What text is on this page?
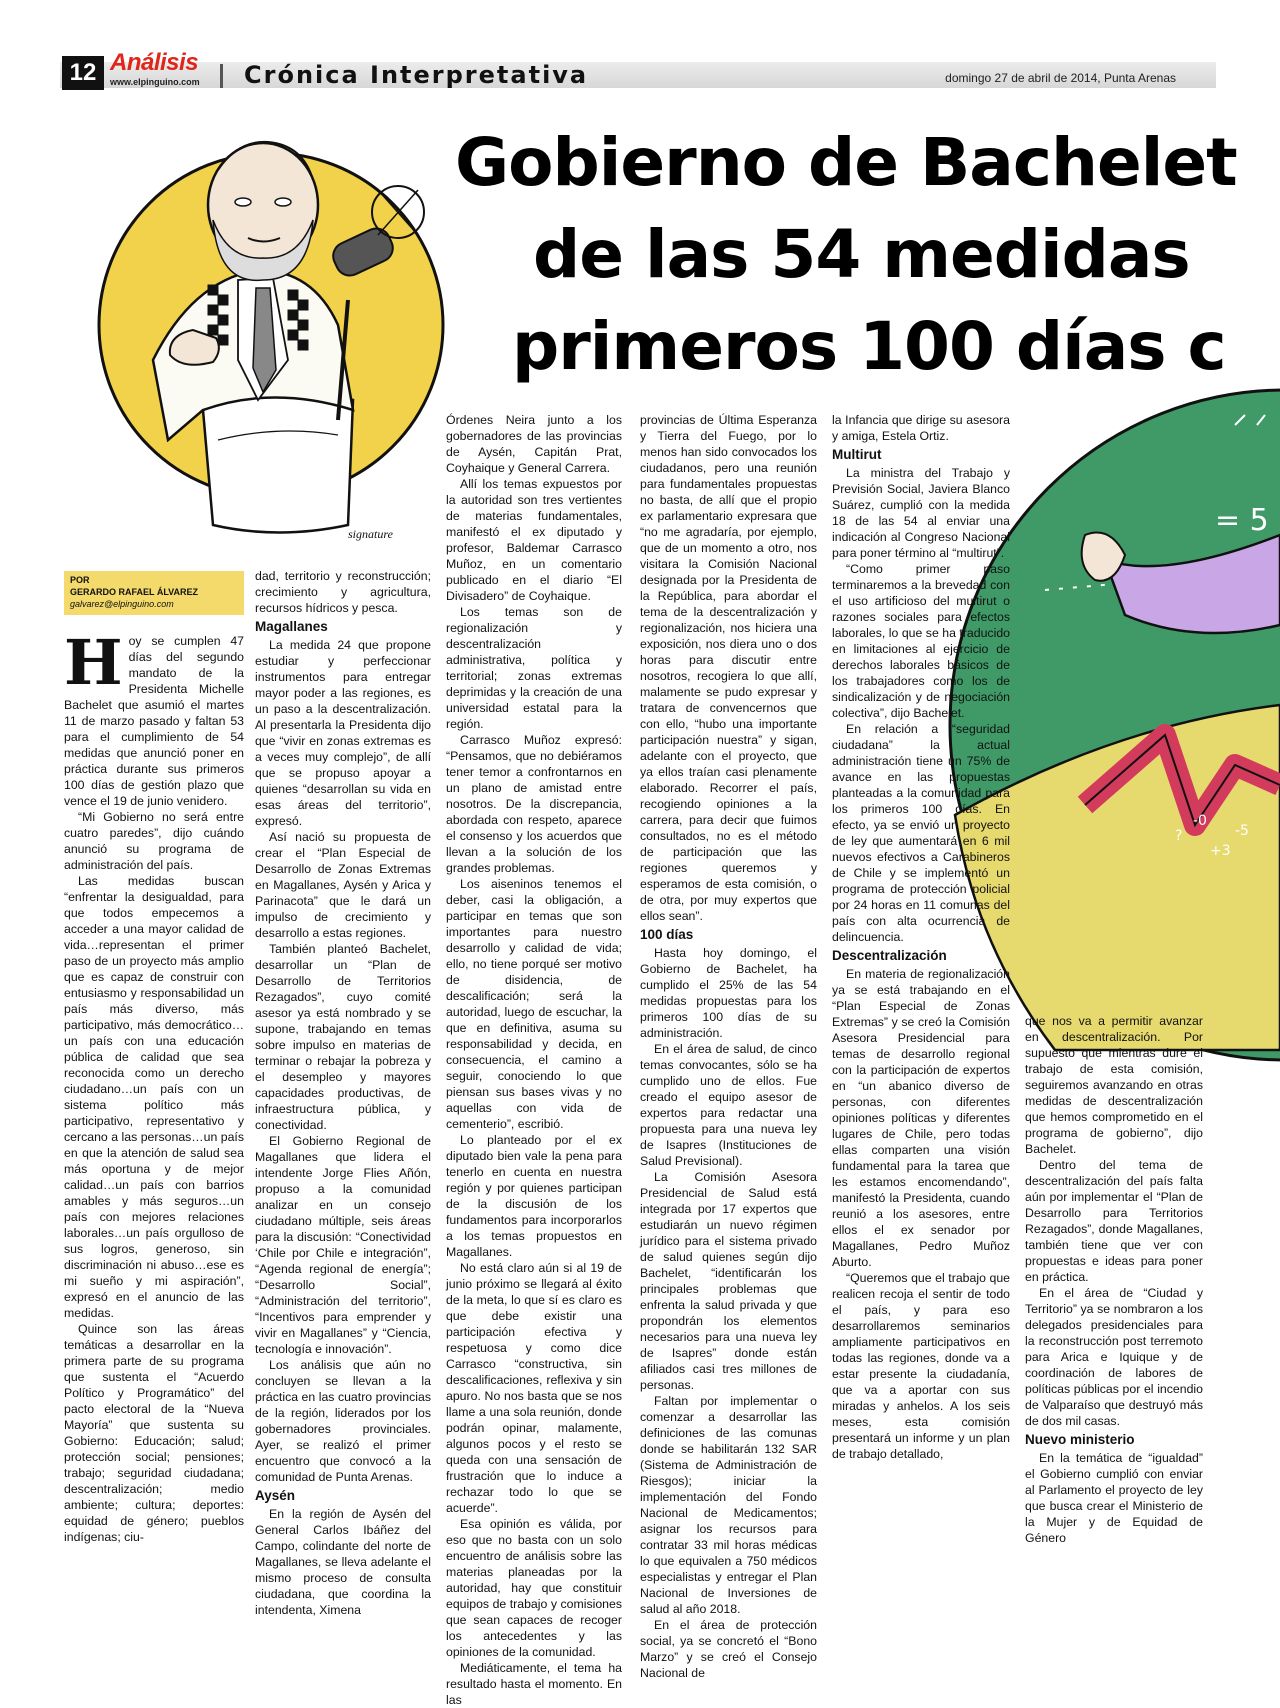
12 Análisis
www.elpinguino.com Crónica Interpretativa	domingo 27 de abril de 2014, Punta Arenas
Gobierno de Bachelet
de las 54 medidas
primeros 100 días c
signature
POR
GERARDO RAFAEL ÁLVAREZ
galvarez@elpinguino.com
= 5
?
-0
+3
-5

Hoy se cumplen 47 días del segundo mandato de la Presidenta Michelle Bachelet que asumió el martes 11 de marzo pasado y faltan 53 para el cumplimiento de 54 medidas que anunció poner en práctica durante sus primeros 100 días de gestión plazo que vence el 19 de junio venidero.

“Mi Gobierno no será entre cuatro paredes”, dijo cuándo anunció su programa de administración del país.

Las medidas buscan “enfrentar la desigualdad, para que todos empecemos a acceder a una mayor calidad de vida…representan el primer paso de un proyecto más amplio que es capaz de construir con entusiasmo y responsabilidad un país más diverso, más participativo, más democrático…un país con una educación pública de calidad que sea reconocida como un derecho ciudadano…un país con un sistema político más participativo, representativo y cercano a las personas…un país en que la atención de salud sea más oportuna y de mejor calidad…un país con barrios amables y más seguros…un país con mejores relaciones laborales…un país orgulloso de sus logros, generoso, sin discriminación ni abuso…ese es mi sueño y mi aspiración”, expresó en el anuncio de las medidas.

Quince son las áreas temáticas a desarrollar en la primera parte de su programa que sustenta el “Acuerdo Político y Programático” del pacto electoral de la “Nueva Mayoría” que sustenta su Gobierno: Educación; salud; protección social; pensiones; trabajo; seguridad ciudadana; descentralización; medio ambiente; cultura; deportes: equidad de género; pueblos indígenas; ciu-

dad, territorio y reconstrucción; crecimiento y agricultura, recursos hídricos y pesca.

Magallanes

La medida 24 que propone estudiar y perfeccionar instrumentos para entregar mayor poder a las regiones, es un paso a la descentralización. Al presentarla la Presidenta dijo que “vivir en zonas extremas es a veces muy complejo”, de allí que se propuso apoyar a quienes “desarrollan su vida en esas áreas del territorio”, expresó.

Así nació su propuesta de crear el “Plan Especial de Desarrollo de Zonas Extremas en Magallanes, Aysén y Arica y Parinacota” que le dará un impulso de crecimiento y desarrollo a estas regiones.

También planteó Bachelet, desarrollar un “Plan de Desarrollo de Territorios Rezagados”, cuyo comité asesor ya está nombrado y se supone, trabajando en temas sobre impulso en materias de terminar o rebajar la pobreza y el desempleo y mayores capacidades productivas, de infraestructura pública, y conectividad.

El Gobierno Regional de Magallanes que lidera el intendente Jorge Flies Añón, propuso a la comunidad analizar en un consejo ciudadano múltiple, seis áreas para la discusión: “Conectividad ‘Chile por Chile e integración”, “Agenda regional de energía”; “Desarrollo Social”, “Administración del territorio”, “Incentivos para emprender y vivir en Magallanes” y “Ciencia, tecnología e innovación”.

Los análisis que aún no concluyen se llevan a la práctica en las cuatro provincias de la región, liderados por los gobernadores provinciales. Ayer, se realizó el primer encuentro que convocó a la comunidad de Punta Arenas.

Aysén

En la región de Aysén del General Carlos Ibáñez del Campo, colindante del norte de Magallanes, se lleva adelante el mismo proceso de consulta ciudadana, que coordina la intendenta, Ximena

Órdenes Neira junto a los gobernadores de las provincias de Aysén, Capitán Prat, Coyhaique y General Carrera.

Allí los temas expuestos por la autoridad son tres vertientes de materias fundamentales, manifestó el ex diputado y profesor, Baldemar Carrasco Muñoz, en un comentario publicado en el diario “El Divisadero” de Coyhaique.

Los temas son de regionalización y descentralización administrativa, política y territorial; zonas extremas deprimidas y la creación de una universidad estatal para la región.

Carrasco Muñoz expresó: “Pensamos, que no debiéramos tener temor a confrontarnos en un plano de amistad entre nosotros. De la discrepancia, abordada con respeto, aparece el consenso y los acuerdos que llevan a la solución de los grandes problemas.

Los aiseninos tenemos el deber, casi la obligación, a participar en temas que son importantes para nuestro desarrollo y calidad de vida; ello, no tiene porqué ser motivo de disidencia, de descalificación; será la autoridad, luego de escuchar, la que en definitiva, asuma su responsabilidad y decida, en consecuencia, el camino a seguir, conociendo lo que piensan sus bases vivas y no aquellas con vida de cementerio”, escribió.

Lo planteado por el ex diputado bien vale la pena para tenerlo en cuenta en nuestra región y por quienes participan de la discusión de los fundamentos para incorporarlos a los temas propuestos en Magallanes.

No está claro aún si al 19 de junio próximo se llegará al éxito de la meta, lo que sí es claro es que debe existir una participación efectiva y respetuosa y como dice Carrasco “constructiva, sin descalificaciones, reflexiva y sin apuro. No nos basta que se nos llame a una sola reunión, donde podrán opinar, malamente, algunos pocos y el resto se queda con una sensación de frustración que lo induce a rechazar todo lo que se acuerde”.

Esa opinión es válida, por eso que no basta con un solo encuentro de análisis sobre las materias planeadas por la autoridad, hay que constituir equipos de trabajo y comisiones que sean capaces de recoger los antecedentes y las opiniones de la comunidad.

Mediáticamente, el tema ha resultado hasta el momento. En las

provincias de Última Esperanza y Tierra del Fuego, por lo menos han sido convocados los ciudadanos, pero una reunión para fundamentales propuestas no basta, de allí que el propio ex parlamentario expresara que “no me agradaría, por ejemplo, que de un momento a otro, nos visitara la Comisión Nacional designada por la Presidenta de la República, para abordar el tema de la descentralización y regionalización, nos hiciera una exposición, nos diera uno o dos horas para discutir entre nosotros, recogiera lo que allí, malamente se pudo expresar y tratara de convencernos que con ello, “hubo una importante participación nuestra” y sigan, adelante con el proyecto, que ya ellos traían casi plenamente elaborado. Recorrer el país, recogiendo opiniones a la carrera, para decir que fuimos consultados, no es el método de participación que las regiones queremos y esperamos de esta comisión, o de otra, por muy expertos que ellos sean”.

100 días

Hasta hoy domingo, el Gobierno de Bachelet, ha cumplido el 25% de las 54 medidas propuestas para los primeros 100 días de su administración.

En el área de salud, de cinco temas convocantes, sólo se ha cumplido uno de ellos. Fue creado el equipo asesor de expertos para redactar una propuesta para una nueva ley de Isapres (Instituciones de Salud Previsional).

La Comisión Asesora Presidencial de Salud está integrada por 17 expertos que estudiarán un nuevo régimen jurídico para el sistema privado de salud quienes según dijo Bachelet, “identificarán los principales problemas que enfrenta la salud privada y que propondrán los elementos necesarios para una nueva ley de Isapres” donde están afiliados casi tres millones de personas.

Faltan por implementar o comenzar a desarrollar las definiciones de las comunas donde se habilitarán 132 SAR (Sistema de Administración de Riesgos); iniciar la implementación del Fondo Nacional de Medicamentos; asignar los recursos para contratar 33 mil horas médicas lo que equivalen a 750 médicos especialistas y entregar el Plan Nacional de Inversiones de salud al año 2018.

En el área de protección social, ya se concretó el “Bono Marzo” y se creó el Consejo Nacional de

la Infancia que dirige su asesora y amiga, Estela Ortiz.

Multirut

La ministra del Trabajo y Previsión Social, Javiera Blanco Suárez, cumplió con la medida 18 de las 54 al enviar una indicación al Congreso Nacional para poner término al “multirut”.

“Como primer paso terminaremos a la brevedad con el uso artificioso del multirut o razones sociales para efectos laborales, lo que se ha traducido en limitaciones al ejercicio de derechos laborales básicos de los trabajadores como los de sindicalización y de negociación colectiva”, dijo Bachelet.

En relación a “seguridad ciudadana” la actual administración tiene un 75% de avance en las propuestas planteadas a la comunidad para los primeros 100 días. En efecto, ya se envió un proyecto de ley que aumentará en 6 mil nuevos efectivos a Carabineros de Chile y se implementó un programa de protección policial por 24 horas en 11 comunas del país con alta ocurrencia de delincuencia.

Descentralización

En materia de regionalización ya se está trabajando en el “Plan Especial de Zonas Extremas” y se creó la Comisión Asesora Presidencial para temas de desarrollo regional con la participación de expertos en “un abanico diverso de personas, con diferentes opiniones políticas y diferentes lugares de Chile, pero todas ellas comparten una visión fundamental para la tarea que les estamos encomendando”, manifestó la Presidenta, cuando reunió a los asesores, entre ellos el ex senador por Magallanes, Pedro Muñoz Aburto.

“Queremos que el trabajo que realicen recoja el sentir de todo el país, y para eso desarrollaremos seminarios ampliamente participativos en todas las regiones, donde va a estar presente la ciudadanía, que va a aportar con sus miradas y anhelos. A los seis meses, esta comisión presentará un informe y un plan de trabajo detallado,

que nos va a permitir avanzar en descentralización. Por supuesto que mientras dure el trabajo de esta comisión, seguiremos avanzando en otras medidas de descentralización que hemos comprometido en el programa de gobierno”, dijo Bachelet.

Dentro del tema de descentralización del país falta aún por implementar el “Plan de Desarrollo para Territorios Rezagados”, donde Magallanes, también tiene que ver con propuestas e ideas para poner en práctica.

En el área de “Ciudad y Territorio” ya se nombraron a los delegados presidenciales para la reconstrucción post terremoto para Arica e Iquique y de coordinación de labores de políticas públicas por el incendio de Valparaíso que destruyó más de dos mil casas.

Nuevo ministerio

En la temática de “igualdad” el Gobierno cumplió con enviar al Parlamento el proyecto de ley que busca crear el Ministerio de la Mujer y de Equidad de Género
